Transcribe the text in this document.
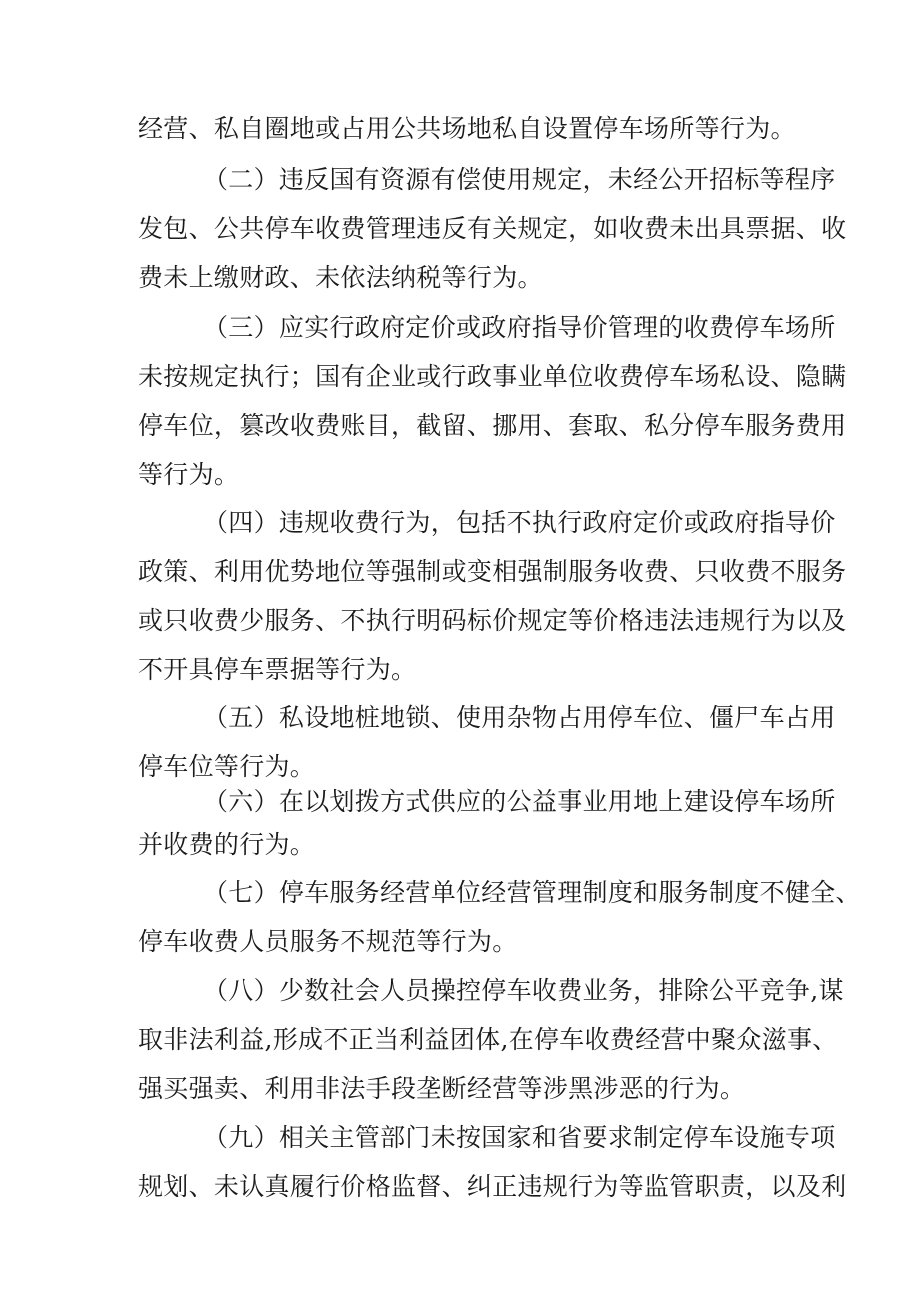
经营、私自圈地或占用公共场地私自设置停车场所等行为。
（二）违反国有资源有偿使用规定，未经公开招标等程序
发包、公共停车收费管理违反有关规定，如收费未出具票据、收
费未上缴财政、未依法纳税等行为。
（三）应实行政府定价或政府指导价管理的收费停车场所
未按规定执行；国有企业或行政事业单位收费停车场私设、隐瞒
停车位，篡改收费账目，截留、挪用、套取、私分停车服务费用
等行为。
（四）违规收费行为，包括不执行政府定价或政府指导价
政策、利用优势地位等强制或变相强制服务收费、只收费不服务
或只收费少服务、不执行明码标价规定等价格违法违规行为以及
不开具停车票据等行为。
（五）私设地桩地锁、使用杂物占用停车位、僵尸车占用
停车位等行为。
（六）在以划拨方式供应的公益事业用地上建设停车场所
并收费的行为。
（七）停车服务经营单位经营管理制度和服务制度不健全、
停车收费人员服务不规范等行为。
（八）少数社会人员操控停车收费业务，排除公平竞争,谋
取非法利益,形成不正当利益团体,在停车收费经营中聚众滋事、
强买强卖、利用非法手段垄断经营等涉黑涉恶的行为。
（九）相关主管部门未按国家和省要求制定停车设施专项
规划、未认真履行价格监督、纠正违规行为等监管职责，以及利
